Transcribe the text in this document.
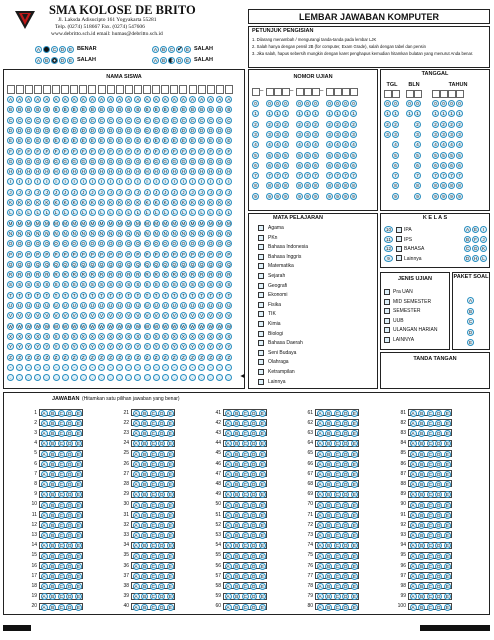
SMA KOLOSE DE BRITO
Jl. Laksda Adisucipto 161 Yogyakarta 55281
Telp. (0274) 518667 Fax. (0274) 547606
www.debritto.sch.id email: humas@debritto.sch.id
LEMBAR JAWABAN KOMPUTER
PETUNJUK PENGISIAN
1. Dilarang menambah / mengurangi tanda-tanda pada lembar LJK
2. Salah hanya dengan pensil 2B (for computer, Exam Grade), salah dengan tabel dan pensin
3. Jika salah, hapus sebersih mungkin dengan karet penghapus kemudian hitamkan bulatan yang menurut Anda benar.
NAMA SISWA	NOMOR UJIAN	TANGGAL
TGL	BLN	TAHUN
MATA PELAJARAN	K E L A S
JENIS UJIAN	PAKET SOAL
TANDA TANGAN
JAWABAN (Hitamkan satu pilihan jawaban yang benar)
A	B	C	D	E BENAR	A	B	C ✔ E SALAH
A	B	C	D	E SALAH	A	B	C	D	E SALAH
A	A	A	A	A	A	A	A	A	A	A	A	A	A	A	A	A	A	A	A	A	A	A	A	A
B	B	B	B	B	B	B	B	B	B	B	B	B	B	B	B	B	B	B	B	B	B	B	B	B
C	C	C	C	C	C	C	C	C	C	C	C	C	C	C	C	C	C	C	C	C	C	C	C	C
D	D	D	D	D	D	D	D	D	D	D	D	D	D	D	D	D	D	D	D	D	D	D	D	D
E	E	E	E	E	E	E	E	E	E	E	E	E	E	E	E	E	E	E	E	E	E	E	E	E
F	F	F	F	F	F	F	F	F	F	F	F	F	F	F	F	F	F	F	F	F	F	F	F	F
G	G	G	G	G	G	G	G	G	G	G	G	G	G	G	G	G	G	G	G	G	G	G	G	G
H	H	H	H	H	H	H	H	H	H	H	H	H	H	H	H	H	H	H	H	H	H	H	H	H
I	I	I	I	I	I	I	I	I	I	I	I	I	I	I	I	I	I	I	I	I	I	I	I	I
J	J	J	J	J	J	J	J	J	J	J	J	J	J	J	J	J	J	J	J	J	J	J	J	J
K	K	K	K	K	K	K	K	K	K	K	K	K	K	K	K	K	K	K	K	K	K	K	K	K
L	L	L	L	L	L	L	L	L	L	L	L	L	L	L	L	L	L	L	L	L	L	L	L	L
M	M	M	M	M	M	M	M	M	M	M	M	M	M	M	M	M	M	M	M	M	M	M	M	M
N	N	N	N	N	N	N	N	N	N	N	N	N	N	N	N	N	N	N	N	N	N	N	N	N
O	O	O	O	O	O	O	O	O	O	O	O	O	O	O	O	O	O	O	O	O	O	O	O	O
P	P	P	P	P	P	P	P	P	P	P	P	P	P	P	P	P	P	P	P	P	P	P	P	P
Q	Q	Q	Q	Q	Q	Q	Q	Q	Q	Q	Q	Q	Q	Q	Q	Q	Q	Q	Q	Q	Q	Q	Q	Q
R	R	R	R	R	R	R	R	R	R	R	R	R	R	R	R	R	R	R	R	R	R	R	R	R
S	S	S	S	S	S	S	S	S	S	S	S	S	S	S	S	S	S	S	S	S	S	S	S	S
T	T	T	T	T	T	T	T	T	T	T	T	T	T	T	T	T	T	T	T	T	T	T	T	T
U	U	U	U	U	U	U	U	U	U	U	U	U	U	U	U	U	U	U	U	U	U	U	U	U
V	V	V	V	V	V	V	V	V	V	V	V	V	V	V	V	V	V	V	V	V	V	V	V	V
W	W	W	W	W	W	W	W	W	W	W	W	W	W	W	W	W	W	W	W	W	W	W	W	W
X	X	X	X	X	X	X	X	X	X	X	X	X	X	X	X	X	X	X	X	X	X	X	X	X
Y	Y	Y	Y	Y	Y	Y	Y	Y	Y	Y	Y	Y	Y	Y	Y	Y	Y	Y	Y	Y	Y	Y	Y	Y
Z	Z	Z	Z	Z	Z	Z	Z	Z	Z	Z	Z	Z	Z	Z	Z	Z	Z	Z	Z	Z	Z	Z	Z	Z
-	-	-	-	-	-	-	-	-	-	-	-	-	-	-	-	-	-	-	-	-	-	-	-	-
.	.	.	.	.	.	.	.	.	.	.	.	.	.	.	.	.	.	.	.	.	.	.	.	.	◄
–	–	–
0	0	0	0	0	0	0	0	0	0	0
1	1	1	1	1	1	1	1	1	1	1
2	2	2	2	2	2	2	2	2	2	2
3	3	3	3	3	3	3	3	3	3	3
4	4	4	4	4	4	4	4	4	4	4
5	5	5	5	5	5	5	5	5	5	5
6	6	6	6	6	6	6	6	6	6	6
7	7	7	7	7	7	7	7	7	7	7
8	8	8	8	8	8	8	8	8	8	8
9	9	9	9	9	9	9	9	9	9	9
0	0	0	0	0	0	0	0
1	1	1	1	1	1	1	1
2	2	2	2	2	2	2
3	3	3	3	3	3	3
4	4	4	4	4	4
5	5	5	5	5	5
6	6	6	6	6	6
7	7	7	7	7	7
8	8	8	8	8	8
9	9	9	9	9	9
Agama
PKn
Bahasa Indonesia
Bahasa Inggris
Matematika
Sejarah
Geografi
Ekonomi
Fisika
TIK
Kimia
Biologi
Bahasa Daerah
Seni Budaya
Olahraga
Ketrampilan
Lainnya
10	IPA	A	E	I
11	IPS	B	F	J
12	BAHASA	C	G	K
9	Lainnya	D	H	L
Pra UAN
MID SEMESTER
SEMESTER
UUB
ULANGAN HARIAN
LAINNYA
A
B
C
D
E
1	A	B	C	D	E
2	A	B	C	D	E
3	A	B	C	D	E
4	A	B	C	D	E
5	A	B	C	D	E
6	A	B	C	D	E
7	A	B	C	D	E
8	A	B	C	D	E
9	A	B	C	D	E
10	A	B	C	D	E
11	A	B	C	D	E
12	A	B	C	D	E
13	A	B	C	D	E
14	A	B	C	D	E
15	A	B	C	D	E
16	A	B	C	D	E
17	A	B	C	D	E
18	A	B	C	D	E
19	A	B	C	D	E
20	A	B	C	D	E
21	A	B	C	D	E
22	A	B	C	D	E
23	A	B	C	D	E
24	A	B	C	D	E
25	A	B	C	D	E
26	A	B	C	D	E
27	A	B	C	D	E
28	A	B	C	D	E
29	A	B	C	D	E
30	A	B	C	D	E
31	A	B	C	D	E
32	A	B	C	D	E
33	A	B	C	D	E
34	A	B	C	D	E
35	A	B	C	D	E
36	A	B	C	D	E
37	A	B	C	D	E
38	A	B	C	D	E
39	A	B	C	D	E
40	A	B	C	D	E
41	A	B	C	D	E
42	A	B	C	D	E
43	A	B	C	D	E
44	A	B	C	D	E
45	A	B	C	D	E
46	A	B	C	D	E
47	A	B	C	D	E
48	A	B	C	D	E
49	A	B	C	D	E
50	A	B	C	D	E
51	A	B	C	D	E
52	A	B	C	D	E
53	A	B	C	D	E
54	A	B	C	D	E
55	A	B	C	D	E
56	A	B	C	D	E
57	A	B	C	D	E
58	A	B	C	D	E
59	A	B	C	D	E
60	A	B	C	D	E
61	A	B	C	D	E
62	A	B	C	D	E
63	A	B	C	D	E
64	A	B	C	D	E
65	A	B	C	D	E
66	A	B	C	D	E
67	A	B	C	D	E
68	A	B	C	D	E
69	A	B	C	D	E
70	A	B	C	D	E
71	A	B	C	D	E
72	A	B	C	D	E
73	A	B	C	D	E
74	A	B	C	D	E
75	A	B	C	D	E
76	A	B	C	D	E
77	A	B	C	D	E
78	A	B	C	D	E
79	A	B	C	D	E
80	A	B	C	D	E
81	A	B	C	D	E
82	A	B	C	D	E
83	A	B	C	D	E
84	A	B	C	D	E
85	A	B	C	D	E
86	A	B	C	D	E
87	A	B	C	D	E
88	A	B	C	D	E
89	A	B	C	D	E
90	A	B	C	D	E
91	A	B	C	D	E
92	A	B	C	D	E
93	A	B	C	D	E
94	A	B	C	D	E
95	A	B	C	D	E
96	A	B	C	D	E
97	A	B	C	D	E
98	A	B	C	D	E
99	A	B	C	D	E
100	A	B	C	D	E
